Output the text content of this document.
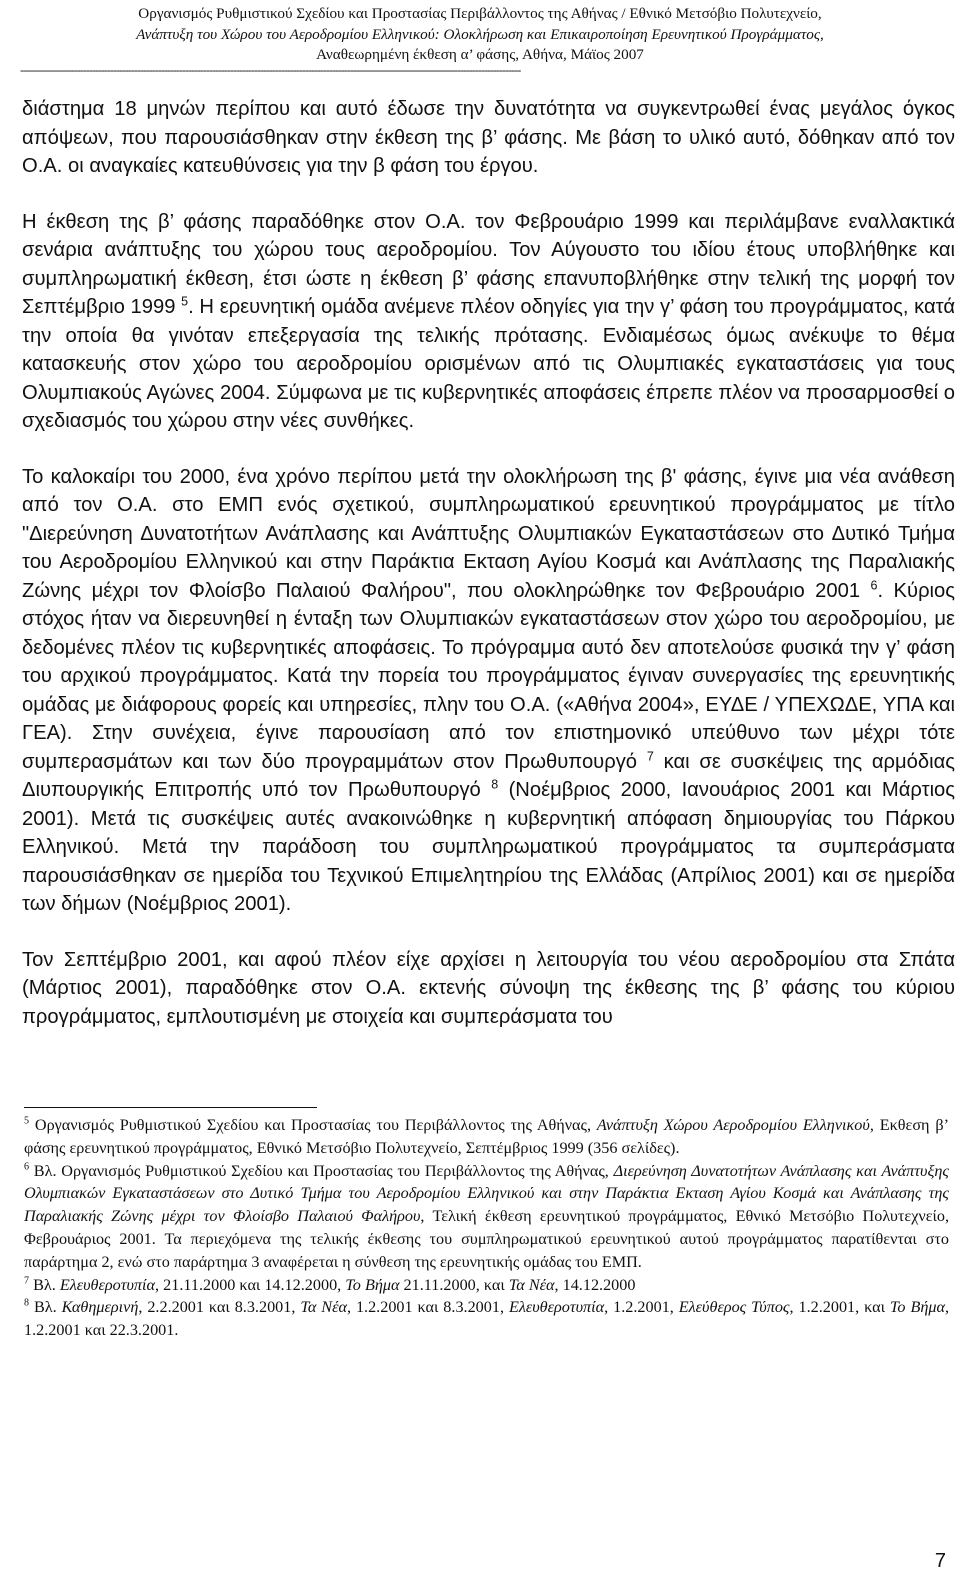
Οργανισμός Ρυθμιστικού Σχεδίου και Προστασίας Περιβάλλοντος της Αθήνας / Εθνικό Μετσόβιο Πολυτεχνείο,
Ανάπτυξη του Χώρου του Αεροδρομίου Ελληνικού: Ολοκλήρωση και Επικαιροποίηση Ερευνητικού Προγράμματος,
Αναθεωρημένη έκθεση α’ φάσης, Αθήνα, Μάϊος 2007
-----------------------------------------------------------------------------------------------------------------------------------------------------------------------

διάστημα 18 μηνών περίπου και αυτό έδωσε την δυνατότητα να συγκεντρωθεί ένας μεγάλος όγκος απόψεων, που παρουσιάσθηκαν στην έκθεση της β’ φάσης. Με βάση το υλικό αυτό, δόθηκαν από τον Ο.Α. οι αναγκαίες κατευθύνσεις για την β φάση του έργου.

Η έκθεση της β’ φάσης παραδόθηκε στον Ο.Α. τον Φεβρουάριο 1999 και περιλάμβανε εναλλακτικά σενάρια ανάπτυξης του χώρου τους αεροδρομίου. Τον Αύγουστο του ιδίου έτους υποβλήθηκε και συμπληρωματική έκθεση, έτσι ώστε η έκθεση β’ φάσης επανυποβλήθηκε στην τελική της μορφή τον Σεπτέμβριο 1999 $^5$. Η ερευνητική ομάδα ανέμενε πλέον οδηγίες για την γ’ φάση του προγράμματος, κατά την οποία θα γινόταν επεξεργασία της τελικής πρότασης. Ενδιαμέσως όμως ανέκυψε το θέμα κατασκευής στον χώρο του αεροδρομίου ορισμένων από τις Ολυμπιακές εγκαταστάσεις για τους Ολυμπιακούς Αγώνες 2004. Σύμφωνα με τις κυβερνητικές αποφάσεις έπρεπε πλέον να προσαρμοσθεί ο σχεδιασμός του χώρου στην νέες συνθήκες.

Το καλοκαίρι του 2000, ένα χρόνο περίπου μετά την ολοκλήρωση της β' φάσης, έγινε μια νέα ανάθεση από τον Ο.Α. στο ΕΜΠ ενός σχετικού, συμπληρωματικού ερευνητικού προγράμματος με τίτλο "Διερεύνηση Δυνατοτήτων Ανάπλασης και Ανάπτυξης Ολυμπιακών Εγκαταστάσεων στο Δυτικό Τμήμα του Αεροδρομίου Ελληνικού και στην Παράκτια Εκταση Αγίου Κοσμά και Ανάπλασης της Παραλιακής Ζώνης μέχρι τον Φλοίσβο Παλαιού Φαλήρου", που ολοκληρώθηκε τον Φεβρουάριο 2001 $^6$. Κύριος στόχος ήταν να διερευνηθεί η ένταξη των Ολυμπιακών εγκαταστάσεων στον χώρο του αεροδρομίου, με δεδομένες πλέον τις κυβερνητικές αποφάσεις. Το πρόγραμμα αυτό δεν αποτελούσε φυσικά την γ’ φάση του αρχικού προγράμματος. Κατά την πορεία του προγράμματος έγιναν συνεργασίες της ερευνητικής ομάδας με διάφορους φορείς και υπηρεσίες, πλην του Ο.Α. («Αθήνα 2004», ΕΥΔΕ / ΥΠΕΧΩΔΕ, ΥΠΑ και ΓΕΑ). Στην συνέχεια, έγινε παρουσίαση από τον επιστημονικό υπεύθυνο των μέχρι τότε συμπερασμάτων και των δύο προγραμμάτων στον Πρωθυπουργό $^7$ και σε συσκέψεις της αρμόδιας Διυπουργικής Επιτροπής υπό τον Πρωθυπουργό $^8$ (Νοέμβριος 2000, Ιανουάριος 2001 και Μάρτιος 2001). Μετά τις συσκέψεις αυτές ανακοινώθηκε η κυβερνητική απόφαση δημιουργίας του Πάρκου Ελληνικού. Μετά την παράδοση του συμπληρωματικού προγράμματος τα συμπεράσματα παρουσιάσθηκαν σε ημερίδα του Τεχνικού Επιμελητηρίου της Ελλάδας (Απρίλιος 2001) και σε ημερίδα των δήμων (Νοέμβριος 2001).

Τον Σεπτέμβριο 2001, και αφού πλέον είχε αρχίσει η λειτουργία του νέου αεροδρομίου στα Σπάτα (Μάρτιος 2001), παραδόθηκε στον Ο.Α. εκτενής σύνοψη της έκθεσης της β’ φάσης του κύριου προγράμματος, εμπλουτισμένη με στοιχεία και συμπεράσματα του

$^5$ Οργανισμός Ρυθμιστικού Σχεδίου και Προστασίας του Περιβάλλοντος της Αθήνας, Ανάπτυξη Χώρου Αεροδρομίου Ελληνικού, Εκθεση β’ φάσης ερευνητικού προγράμματος, Εθνικό Μετσόβιο Πολυτεχνείο, Σεπτέμβριος 1999 (356 σελίδες).

$^6$ Βλ. Οργανισμός Ρυθμιστικού Σχεδίου και Προστασίας του Περιβάλλοντος της Αθήνας, Διερεύνηση Δυνατοτήτων Ανάπλασης και Ανάπτυξης Ολυμπιακών Εγκαταστάσεων στο Δυτικό Τμήμα του Αεροδρομίου Ελληνικού και στην Παράκτια Εκταση Αγίου Κοσμά και Ανάπλασης της Παραλιακής Ζώνης μέχρι τον Φλοίσβο Παλαιού Φαλήρου, Τελική έκθεση ερευνητικού προγράμματος, Εθνικό Μετσόβιο Πολυτεχνείο, Φεβρουάριος 2001. Τα περιεχόμενα της τελικής έκθεσης του συμπληρωματικού ερευνητικού αυτού προγράμματος παρατίθενται στο παράρτημα 2, ενώ στο παράρτημα 3 αναφέρεται η σύνθεση της ερευνητικής ομάδας του ΕΜΠ.

$^7$ Βλ. Ελευθεροτυπία, 21.11.2000 και 14.12.2000, Το Βήμα 21.11.2000, και Τα Νέα, 14.12.2000

$^8$ Βλ. Καθημερινή, 2.2.2001 και 8.3.2001, Τα Νέα, 1.2.2001 και 8.3.2001, Ελευθεροτυπία, 1.2.2001, Ελεύθερος Τύπος, 1.2.2001, και Το Βήμα, 1.2.2001 και 22.3.2001.

7
